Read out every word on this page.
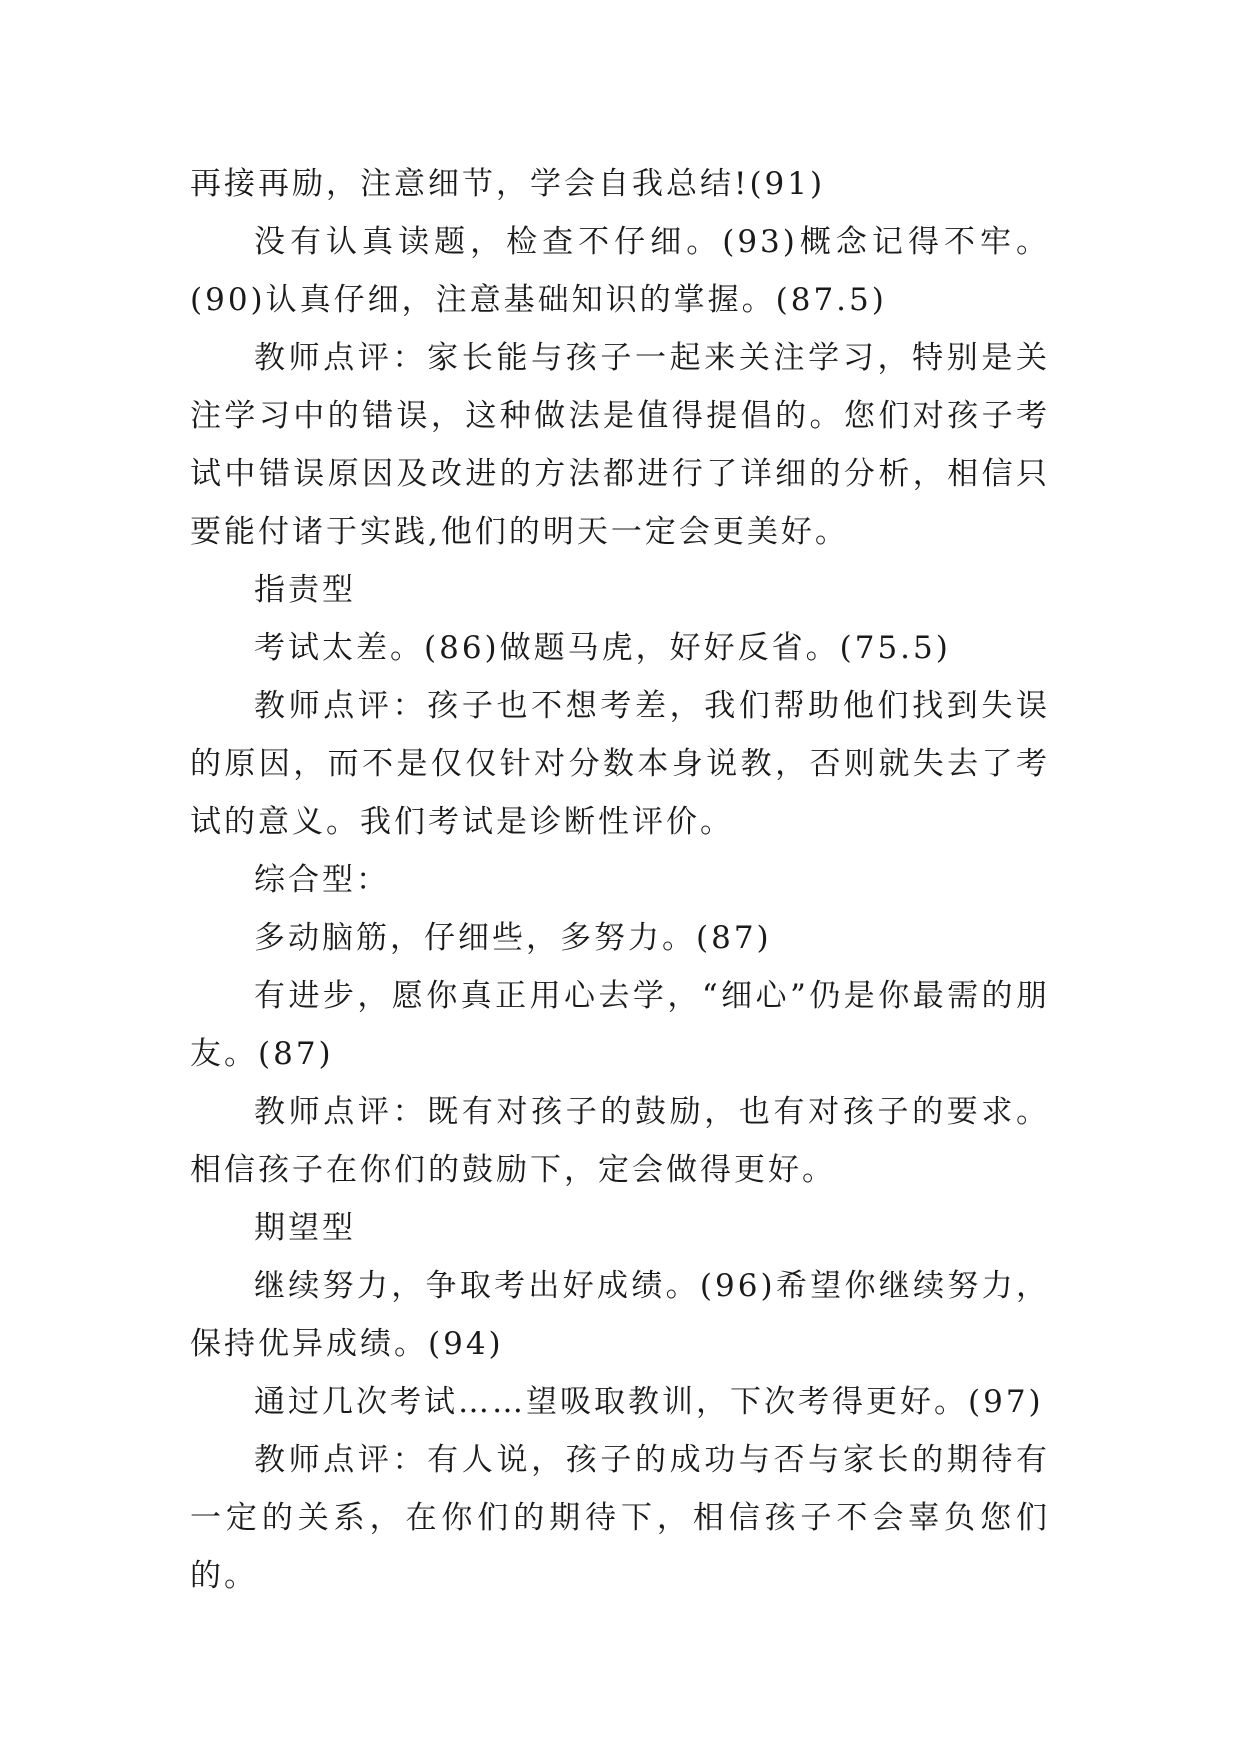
再接再励，注意细节，学会自我总结!(91)

没有认真读题，检查不仔细。(93)概念记得不牢。(90)认真仔细，注意基础知识的掌握。(87.5)

教师点评：家长能与孩子一起来关注学习，特别是关注学习中的错误，这种做法是值得提倡的。您们对孩子考试中错误原因及改进的方法都进行了详细的分析，相信只要能付诸于实践,他们的明天一定会更美好。

指责型

考试太差。(86)做题马虎，好好反省。(75.5)

教师点评：孩子也不想考差，我们帮助他们找到失误的原因，而不是仅仅针对分数本身说教，否则就失去了考试的意义。我们考试是诊断性评价。

综合型：

多动脑筋，仔细些，多努力。(87)

有进步，愿你真正用心去学，“细心”仍是你最需的朋友。(87)

教师点评：既有对孩子的鼓励，也有对孩子的要求。相信孩子在你们的鼓励下，定会做得更好。

期望型

继续努力，争取考出好成绩。(96)希望你继续努力，保持优异成绩。(94)

通过几次考试……望吸取教训，下次考得更好。(97)

教师点评：有人说，孩子的成功与否与家长的期待有一定的关系，在你们的期待下，相信孩子不会辜负您们的。
